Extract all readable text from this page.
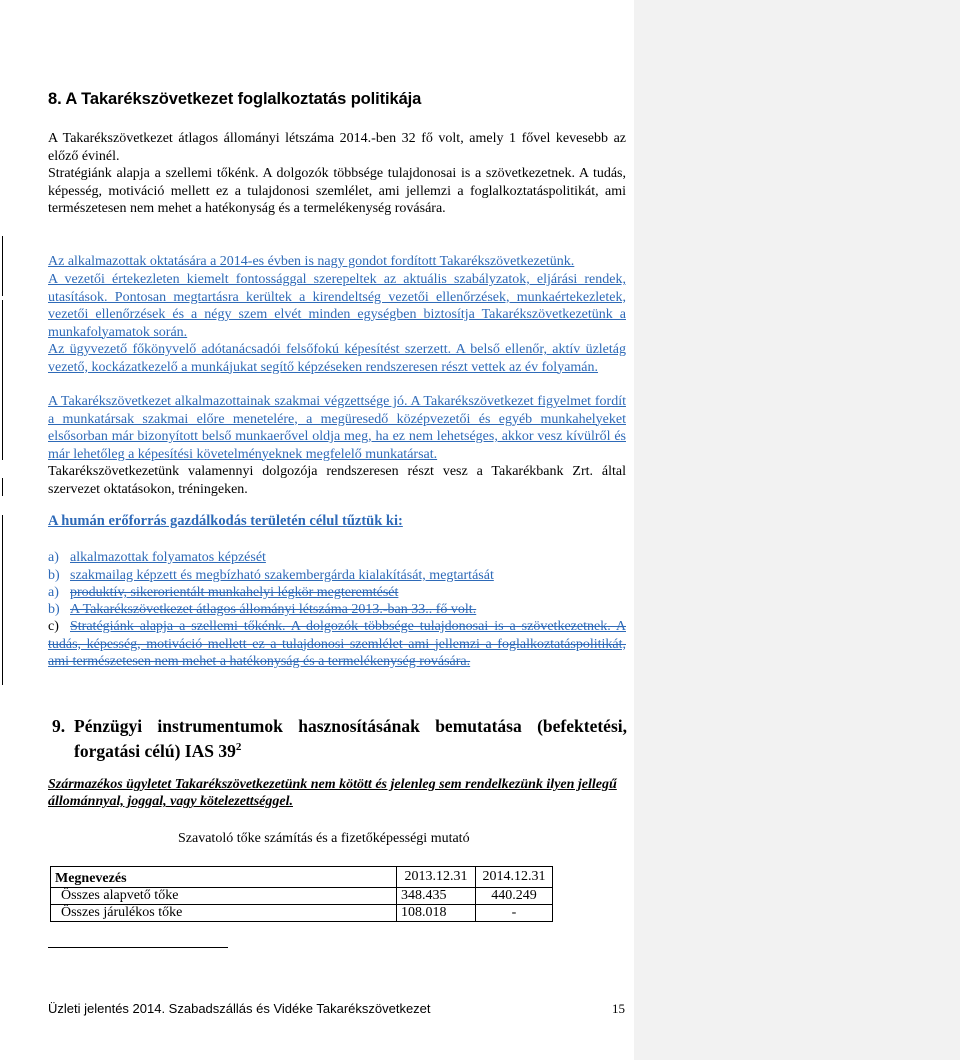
8. A Takarékszövetkezet foglalkoztatás politikája

A Takarékszövetkezet átlagos állományi létszáma 2014.-ben 32 fő volt, amely 1 fővel kevesebb az előző évinél.

Stratégiánk alapja a szellemi tőkénk. A dolgozók többsége tulajdonosai is a szövetkezetnek. A tudás, képesség, motiváció mellett ez a tulajdonosi szemlélet, ami jellemzi a foglalkoztatáspolitikát, ami természetesen nem mehet a hatékonyság és a termelékenység rovására.

Az alkalmazottak oktatására a 2014-es évben is nagy gondot fordított Takarékszövetkezetünk.

A vezetői értekezleten kiemelt fontossággal szerepeltek az aktuális szabályzatok, eljárási rendek, utasítások. Pontosan megtartásra kerültek a kirendeltség vezetői ellenőrzések, munkaértekezletek, vezetői ellenőrzések és a négy szem elvét minden egységben biztosítja Takarékszövetkezetünk a munkafolyamatok során.

Az ügyvezető főkönyvelő adótanácsadói felsőfokú képesítést szerzett. A belső ellenőr, aktív üzletág vezető, kockázatkezelő a munkájukat segítő képzéseken rendszeresen részt vettek az év folyamán.

A Takarékszövetkezet alkalmazottainak szakmai végzettsége jó. A Takarékszövetkezet figyelmet fordít a munkatársak szakmai előre menetelére, a megüresedő középvezetői és egyéb munkahelyeket elsősorban már bizonyított belső munkaerővel oldja meg, ha ez nem lehetséges, akkor vesz kívülről és már lehetőleg a képesítési követelményeknek megfelelő munkatársat.

Takarékszövetkezetünk valamennyi dolgozója rendszeresen részt vesz a Takarékbank Zrt. által szervezet oktatásokon, tréningeken.

A humán erőforrás gazdálkodás területén célul tűztük ki:

a) alkalmazottak folyamatos képzését

b) szakmailag képzett és megbízható szakembergárda kialakítását, megtartását

a) produktív, sikerorientált munkahelyi légkör megteremtését

b) A Takarékszövetkezet átlagos állományi létszáma 2013.-ban 33.. fő volt.

c) Stratégiánk alapja a szellemi tőkénk. A dolgozók többsége tulajdonosai is a szövetkezetnek. A tudás, képesség, motiváció mellett ez a tulajdonosi szemlélet ami jellemzi a foglalkoztatáspolitikát, ami természetesen nem mehet a hatékonyság és a termelékenység rovására.

9. Pénzügyi instrumentumok hasznosításának bemutatása (befektetési, forgatási célú) IAS $39^2$

Származékos ügyletet Takarékszövetkezetünk nem kötött és jelenleg sem rendelkezünk ilyen jellegű állománnyal, joggal, vagy kötelezettséggel.

Szavatoló tőke számítás és a fizetőképességi mutató

Megnevezés	2013.12.31	2014.12.31
Összes alapvető tőke	348.435	440.249
Összes járulékos tőke	108.018	-

Üzleti jelentés 2014. Szabadszállás és Vidéke Takarékszövetkezet	15
